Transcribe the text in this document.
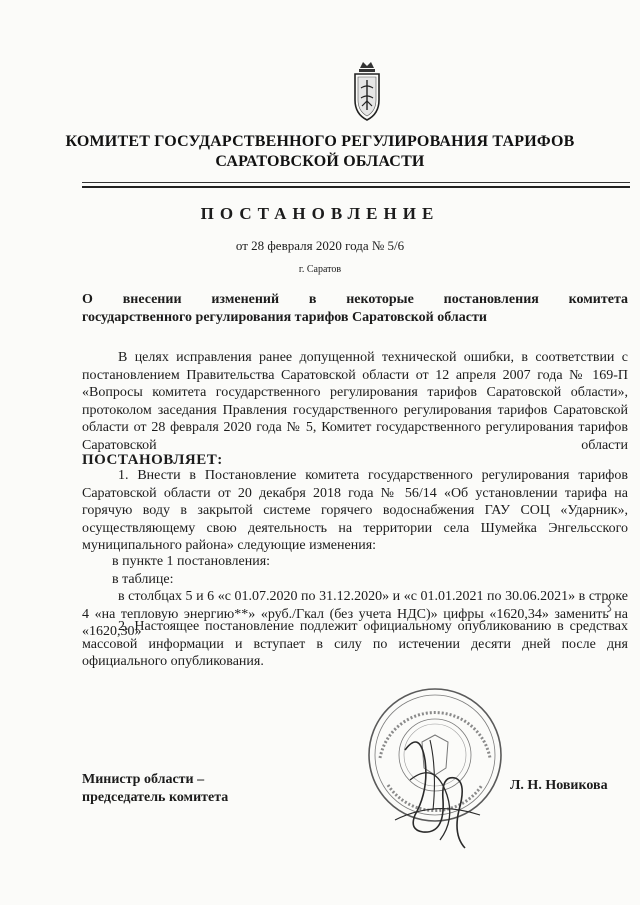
КОМИТЕТ ГОСУДАРСТВЕННОГО РЕГУЛИРОВАНИЯ ТАРИФОВ
САРАТОВСКОЙ ОБЛАСТИ
ПОСТАНОВЛЕНИЕ
от 28 февраля 2020 года № 5/6
г. Саратов
О внесении изменений в некоторые постановления комитета
государственного регулирования тарифов Саратовской области
В целях исправления ранее допущенной технической ошибки, в соответствии с постановлением Правительства Саратовской области от 12 апреля 2007 года № 169-П «Вопросы комитета государственного регулирования тарифов Саратовской области», протоколом заседания Правления государственного регулирования тарифов Саратовской области от 28 февраля 2020 года № 5, Комитет государственного регулирования тарифов Саратовской области
ПОСТАНОВЛЯЕТ:
1. Внести в Постановление комитета государственного регулирования тарифов Саратовской области от 20 декабря 2018 года № 56/14 «Об установлении тарифа на горячую воду в закрытой системе горячего водоснабжения ГАУ СОЦ «Ударник», осуществляющему свою деятельность на территории села Шумейка Энгельсского муниципального района» следующие изменения:
в пункте 1 постановления:
в таблице:
в столбцах 5 и 6 «с 01.07.2020 по 31.12.2020» и «с 01.01.2021 по 30.06.2021» в строке 4 «на тепловую энергию**» «руб./Гкал (без учета НДС)» цифры «1620,34» заменить на «1620,30»
2. Настоящее постановление подлежит официальному опубликованию в средствах массовой информации и вступает в силу по истечении десяти дней после дня официального опубликования.
Министр области –
председатель комитета
Л. Н. Новикова
